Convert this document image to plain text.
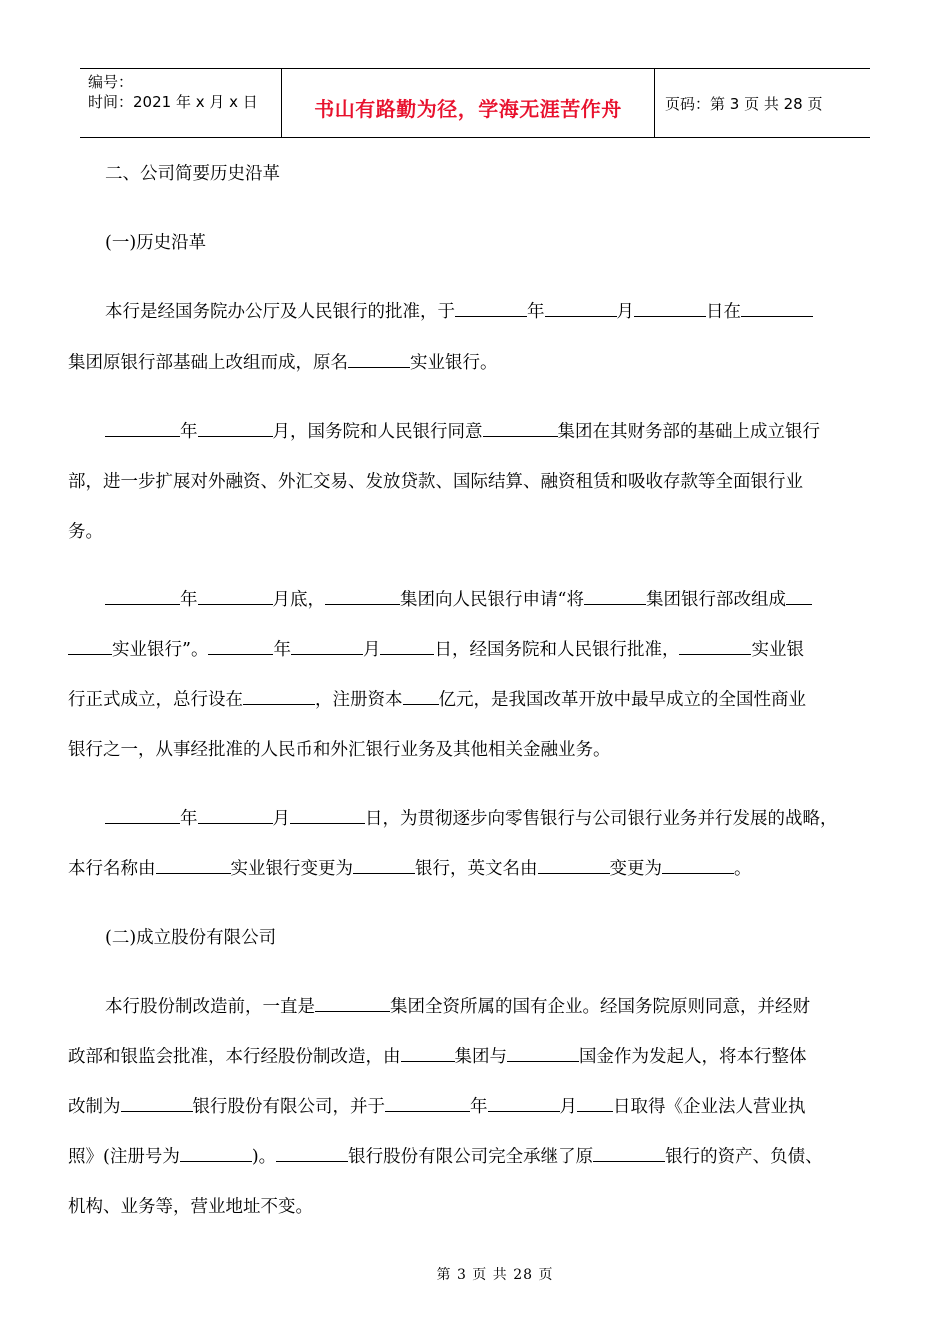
编号：
时间：2021 年 x 月 x 日	书山有路勤为径，学海无涯苦作舟	页码：第 3 页 共 28 页
二、公司简要历史沿革
(一)历史沿革
本行是经国务院办公厅及人民银行的批准，于	年	月	日在
集团原银行部基础上改组而成，原名	实业银行。
年	月，国务院和人民银行同意	集团在其财务部的基础上成立银行
部，进一步扩展对外融资、外汇交易、发放贷款、国际结算、融资租赁和吸收存款等全面银行业
务。
年	月底，	集团向人民银行申请“将	集团银行部改组成
实业银行”。	年	月	日，经国务院和人民银行批准，	实业银
行正式成立，总行设在	，注册资本 亿元，是我国改革开放中最早成立的全国性商业
银行之一，从事经批准的人民币和外汇银行业务及其他相关金融业务。
年	月	日，为贯彻逐步向零售银行与公司银行业务并行发展的战略，
本行名称由	实业银行变更为	银行，英文名由	变更为	。
(二)成立股份有限公司
本行股份制改造前，一直是	集团全资所属的国有企业。经国务院原则同意，并经财
政部和银监会批准，本行经股份制改造，由	集团与	国金作为发起人，将本行整体
改制为	银行股份有限公司，并于	年	月 日取得《企业法人营业执
照》(注册号为	)。	银行股份有限公司完全承继了原	银行的资产、负债、
机构、业务等，营业地址不变。
第 3 页 共 28 页
